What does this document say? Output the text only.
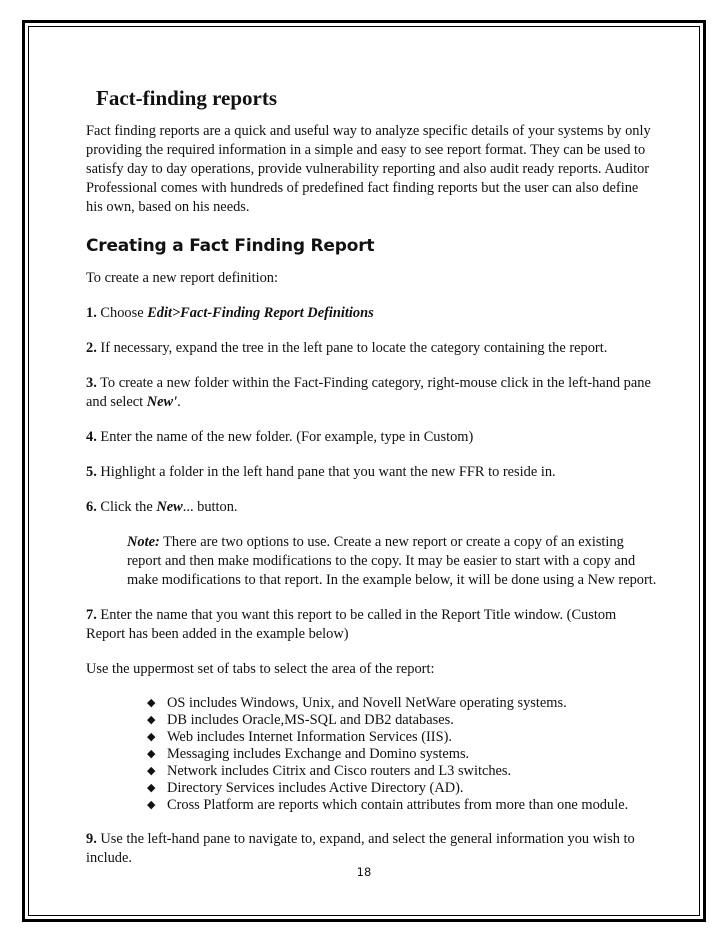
Fact-finding reports

Fact finding reports are a quick and useful way to analyze specific details of your systems by only providing the required information in a simple and easy to see report format. They can be used to satisfy day to day operations, provide vulnerability reporting and also audit ready reports. Auditor Professional comes with hundreds of predefined fact finding reports but the user can also define his own, based on his needs.

Creating a Fact Finding Report

To create a new report definition:

1. Choose Edit>Fact-Finding Report Definitions

2. If necessary, expand the tree in the left pane to locate the category containing the report.

3. To create a new folder within the Fact-Finding category, right-mouse click in the left-hand pane and select New'.

4. Enter the name of the new folder. (For example, type in Custom)

5. Highlight a folder in the left hand pane that you want the new FFR to reside in.

6. Click the New... button.

Note: There are two options to use. Create a new report or create a copy of an existing report and then make modifications to the copy. It may be easier to start with a copy and make modifications to that report. In the example below, it will be done using a New report.

7. Enter the name that you want this report to be called in the Report Title window. (Custom Report has been added in the example below)

Use the uppermost set of tabs to select the area of the report:

◆ OS includes Windows, Unix, and Novell NetWare operating systems.
◆ DB includes Oracle,MS-SQL and DB2 databases.
◆ Web includes Internet Information Services (IIS).
◆ Messaging includes Exchange and Domino systems.
◆ Network includes Citrix and Cisco routers and L3 switches.
◆ Directory Services includes Active Directory (AD).
◆ Cross Platform are reports which contain attributes from more than one module.

9. Use the left-hand pane to navigate to, expand, and select the general information you wish to include.

18
